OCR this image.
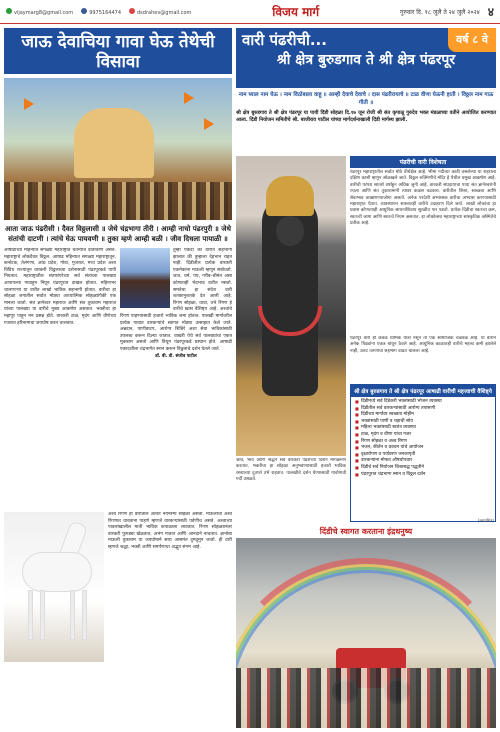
vijaymarg8@gmail.com	9975164474	dsdrahev@gmail.com	विजय मार्ग	गुरुवार दि. १८ जुलै ते २४ जुलै २०२४ ४
जाऊ देवाचिया गावा घेऊ तेथेची विसावा
आता जाऊ पंढरीसी । दैवत विठ्ठलासी ॥ जेथे चंद्रभागा तीरी । आम्ही नाचो पंढरपुरी ॥ जेथे संतांची दाटणी । त्यांचे घेऊ पायवणी ॥ तुका म्हणे आम्ही बळी । जीव दिधला पायाळी ॥
आषाढीच्या महिन्यात सगळ्या महाराष्ट्रात चैतन्याचे वातावरण असते. महाराष्ट्राचे लोकदैवत विठ्ठल. आषाढ महिन्यात सगळ्या महाराष्ट्रातून, कर्नाटक, तेलंगणा, आंध्र प्रदेश, गोवा, गुजरात, मध्य प्रदेश अशा विविध राज्यांतून वारकरी विठ्ठलाच्या दर्शनासाठी पंढरपूरकडे पायी निघतात. महाराष्ट्रातील संतपरंपरेच्या सर्व संतांच्या पालख्या आपापल्या गावाहून निघून पंढरपुरात दाखल होतात. महिनाभर चालणाऱ्या या वारीत लाखो भाविक सहभागी होतात. वारीचा हा सोहळा जगातील सर्वात मोठ्या आध्यात्मिक सोहळ्यांपैकी एक मानला जातो. संत ज्ञानेश्वर महाराज आणि संत तुकाराम महाराज यांच्या पालख्या या वारीचे मुख्य आकर्षण असतात. भक्तीचा हा महापूर पाहून मन प्रसन्न होते. वारकरी टाळ, मृदंग आणि वीणेच्या गजरात हरिनामाचा जयघोष करत चालतात.
तुम्ही एकदा का वारीत सहभागी झालात की तुम्हाला देहभान राहत नाही. दिंडीतील प्रत्येक वारकरी एकमेकांना माऊली म्हणून संबोधतो. जात, धर्म, पंथ, गरीब-श्रीमंत असा कोणताही भेदभाव वारीत नसतो. समतेचा हा संदेश वारी शतकानुशतके देत आली आहे. रिंगण सोहळा, धावा, उभे रिंगण हे वारीचे खास वैशिष्ट्य आहे. अश्वांचे रिंगण पाहण्यासाठी हजारो भाविक जमा होतात. पालखी मार्गावरील प्रत्येक गावात वारकऱ्यांचे स्वागत मोठ्या उत्साहात केले जाते. अन्नदान, पाणीवाटप, आरोग्य शिबिरे अशा सेवा भाविकांसाठी उपलब्ध करून दिल्या जातात. वाखरी येथे सर्व पालख्यांचा एकत्र मुक्काम असतो आणि तिथून पंढरपूरकडे प्रस्थान होते. आषाढी एकादशीला चंद्रभागेत स्नान करून विठ्ठलाचे दर्शन घेतले जाते.
डॉ. बी. डी. संजीव पाटील
अश्व रिंगण हा वारीतील अत्यंत नयनरम्य सोहळा असतो. माऊलींचा अश्व रिंगणात धावताना पाहणे म्हणजे वारकऱ्यांसाठी पर्वणीच असते. अश्वाच्या पावलांखालील माती भाविक कपाळाला लावतात. रिंगण सोहळ्यानंतर वारकरी फुगड्या खेळतात, अभंग गातात आणि आनंदाने नाचतात. ज्ञानोबा माऊली तुकाराम या जयघोषाने सारा आसमंत दुमदुमून जातो. ही वारी म्हणजे श्रद्धा, भक्ती आणि समर्पणाचा अद्भुत संगम आहे.
वारी पंढरीची...
श्री क्षेत्र बुरुडगाव ते श्री क्षेत्र पंढरपूर
वर्ष ८ वे
नाम घ्याल नाम घेऊ । नाम विठोबाला वाहू ॥ आम्ही देवाचे देवाचे । दास पंढरीरायाचे ॥ टाळ वीणा घेऊनी हाती । विठ्ठल नाम गाऊ गीती ॥
श्री क्षेत्र बुरुडगाव ते श्री क्षेत्र पंढरपूर या पायी दिंडी सोहळा दि.१७ जून रोजी श्री संत कृपाळू गुरुदेव भक्त मंडळाच्या वतीने आयोजित करण्यात आला. दिंडी नियोजन समितीचे श्री. बाजीराव पाटील यांच्या मार्गदर्शनाखाली दिंडी मार्गस्थ झाली.
पंढरीची वारी विशेषता
पंढरपूर महाराष्ट्रातील सर्वात मोठे तीर्थक्षेत्र आहे. भीमा नदीच्या काठी वसलेल्या या शहराला दक्षिण काशी म्हणून ओळखले जाते. विठ्ठल रुक्मिणीचे मंदिर हे येथील प्रमुख आकर्षण आहे. वारीची परंपरा सातशे वर्षांहून अधिक जुनी आहे. वारकरी संप्रदायाचा पाया संत ज्ञानेश्वरांनी रचला आणि संत तुकारामांनी त्यावर कळस चढवला. वारीतील शिस्त, स्वच्छता आणि सेवाभाव वाखाणण्याजोगा असतो. अनेक परदेशी अभ्यासक वारीचा अभ्यास करण्यासाठी महाराष्ट्रात येतात. व्यवस्थापन शास्त्रातही वारीचे उदाहरण दिले जाते. लाखो लोकांचा हा प्रवास कोणत्याही आधुनिक साधनांशिवाय सुरळीत पार पडतो. प्रत्येक दिंडीचा स्वतःचा क्रम, स्वतःची जागा आणि स्वतःचे नियम असतात. हा लोकोत्सव महाराष्ट्राच्या सांस्कृतिक अस्मितेचे प्रतीक आहे.
पंढरपूर वारी ही केवळ धार्मिक यात्रा नसून ती एक सामाजिक चळवळ आहे. या वारीने अनेक पिढ्यांना एकत्र बांधून ठेवले आहे. आधुनिक काळातही वारीचे महत्त्व कमी झालेले नाही, उलट तरुणांचा सहभाग वाढत चालला आहे.
श्री क्षेत्र बुरुडगाव ते श्री क्षेत्र पंढरपूर आषाढी वारीची महत्त्वाची वैशिष्ट्ये
■ दिंडीमध्ये सर्व दिंडेकरी भक्तांसाठी भोजन व्यवस्था
■ दिंडीतील सर्व वारकऱ्यांसाठी आरोग्य तपासणी
■ दिंडीच्या मार्गावर स्वच्छता मोहीम
■ भक्तांसाठी पाणी व चहाची सोय
■ महिला भक्तांसाठी स्वतंत्र व्यवस्था
■ टाळ, मृदंग व वीणा यांचा गजर
■ रिंगण सोहळा व अश्व रिंगण
■ भजन, कीर्तन व प्रवचन यांचे आयोजन
■ वृक्षारोपण व पर्यावरण जनजागृती
■ वारकऱ्यांना मोफत औषधोपचार
■ दिंडीचे सर्व नियोजन शिस्तबद्ध पद्धतीने
■ पंढरपुरात चंद्रभागा स्नान व विठ्ठल दर्शन
जीवे, भावे आणि श्रद्धेने सर्व वारकरी पंढरीच्या दिशेने मार्गक्रमण करतात. भक्तीचा हा सोहळा अनुभवण्यासाठी हजारो भाविक रस्त्याच्या दुतर्फा उभे राहतात. पालखीचे दर्शन घेण्यासाठी गावोगावी गर्दी उसळते.
(छायाचित्र)
दिंडीचे स्वागत करताना इंद्रधनुष्य
